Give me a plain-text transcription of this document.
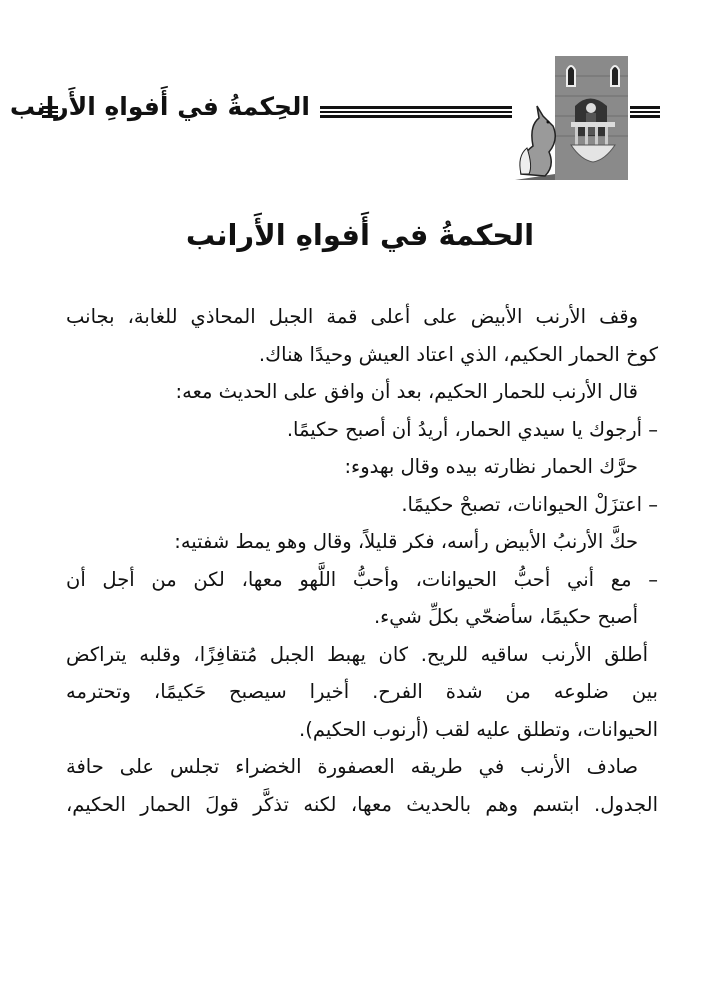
الحِكمةُ في أَفواهِ الأَرانب
الحكمةُ في أَفواهِ الأَرانب
وقف الأرنب الأبيض على أعلى قمة الجبل المحاذي للغابة، بجانب
كوخ الحمار الحكيم، الذي اعتاد العيش وحيدًا هناك.
قال الأرنب للحمار الحكيم، بعد أن وافق على الحديث معه:
– أرجوك يا سيدي الحمار، أريدُ أن أصبح حكيمًا.
حرَّك الحمار نظارته بيده وقال بهدوء:
– اعتزَلْ الحيوانات، تصبحْ حكيمًا.
حكَّ الأرنبُ الأبيض رأسه، فكر قليلاً، وقال وهو يمط شفتيه:
– مع أني أحبُّ الحيوانات، وأحبُّ اللَّهو معها، لكن من أجل أن
أصبح حكيمًا، سأضحّي بكلِّ شيء.
أطلق الأرنب ساقيه للريح. كان يهبط الجبل مُتقافِزًا، وقلبه يتراكض
بين ضلوعه من شدة الفرح. أخيرا سيصبح حَكيمًا، وتحترمه
الحيوانات، وتطلق عليه لقب (أرنوب الحكيم).
صادف الأرنب في طريقه العصفورة الخضراء تجلس على حافة
الجدول. ابتسم وهم بالحديث معها، لكنه تذكَّر قولَ الحمار الحكيم،
